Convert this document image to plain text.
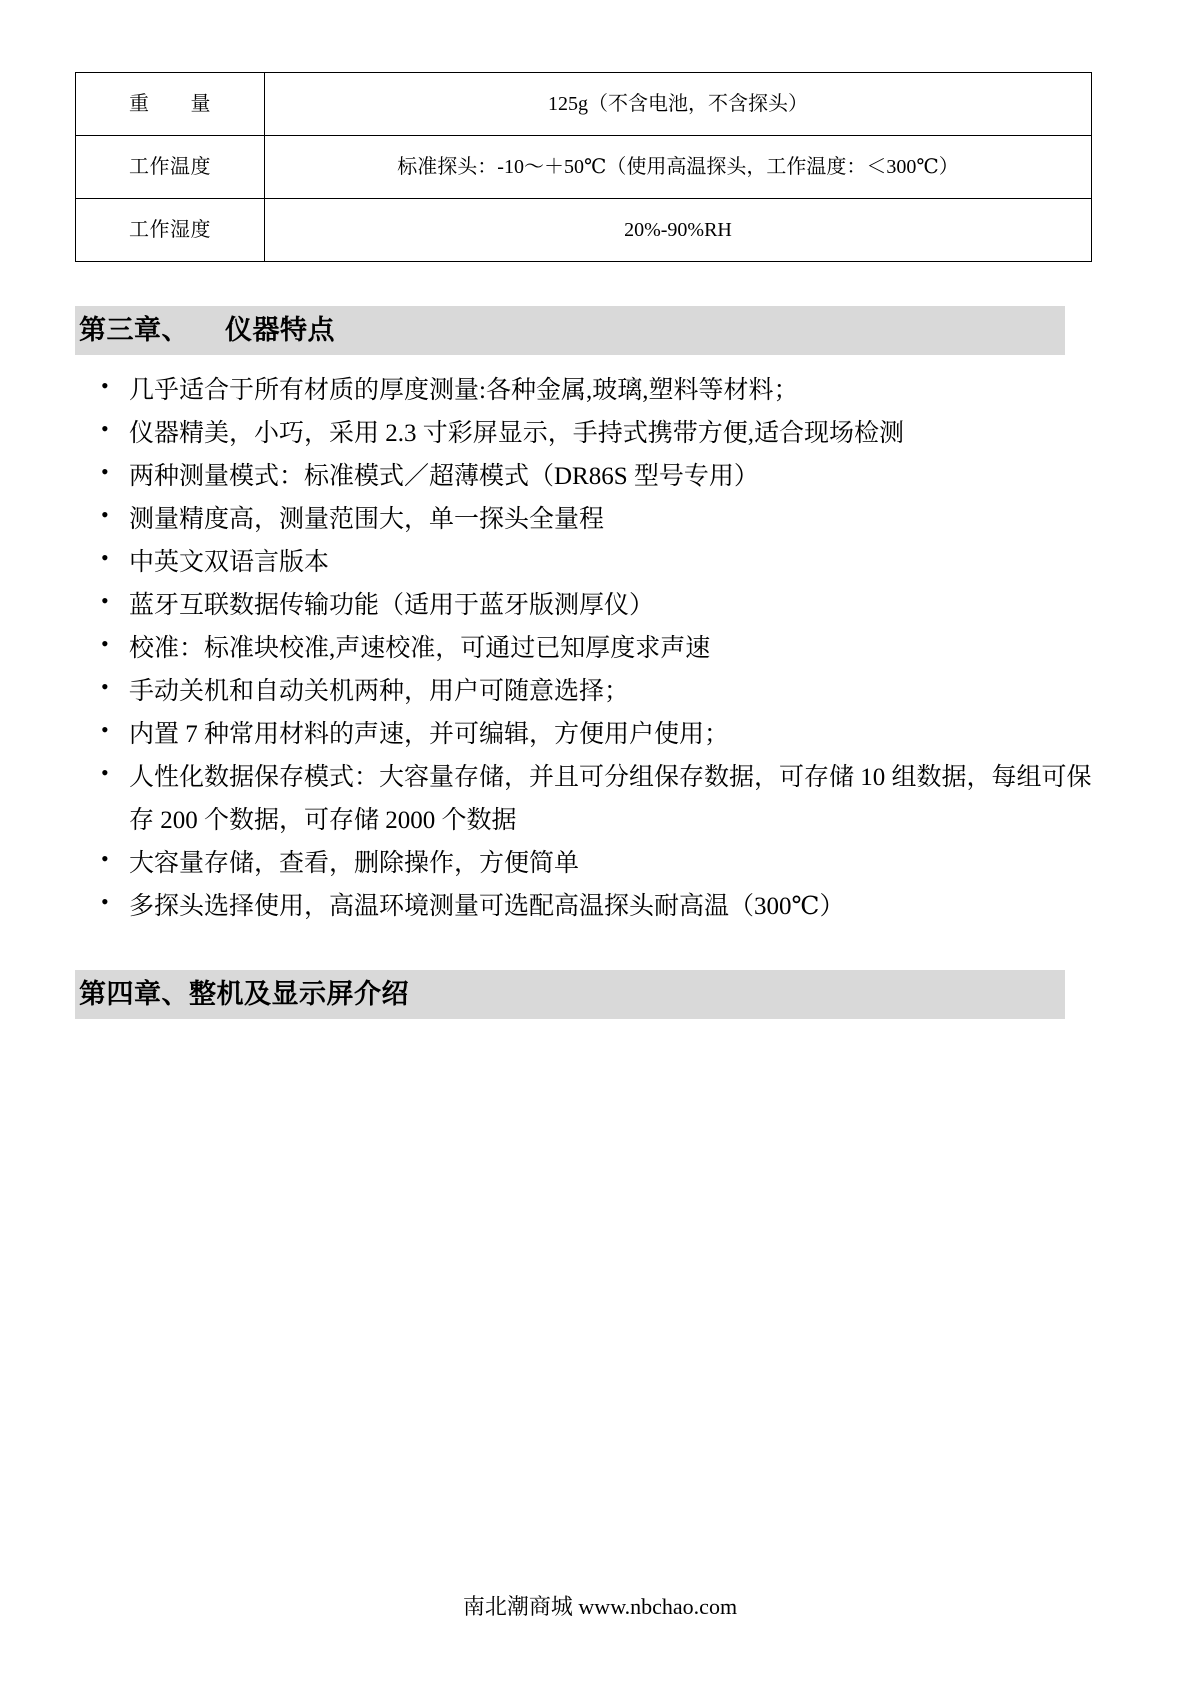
重　　量	125g（不含电池，不含探头）
工作温度	标准探头：-10～＋50℃（使用高温探头，工作温度：＜300℃）
工作湿度	20%-90%RH
第三章、 仪器特点
• 几乎适合于所有材质的厚度测量:各种金属,玻璃,塑料等材料；
• 仪器精美，小巧，采用 2.3 寸彩屏显示，手持式携带方便,适合现场检测
• 两种测量模式：标准模式／超薄模式（DR86S 型号专用）
• 测量精度高，测量范围大，单一探头全量程
• 中英文双语言版本
• 蓝牙互联数据传输功能（适用于蓝牙版测厚仪）
• 校准：标准块校准,声速校准，可通过已知厚度求声速
• 手动关机和自动关机两种，用户可随意选择；
• 内置 7 种常用材料的声速，并可编辑，方便用户使用；
• 人性化数据保存模式：大容量存储，并且可分组保存数据，可存储 10 组数据，每组可保存 200 个数据，可存储 2000 个数据
• 大容量存储，查看，删除操作，方便简单
• 多探头选择使用，高温环境测量可选配高温探头耐高温（300℃）
第四章、整机及显示屏介绍
南北潮商城 www.nbchao.com
